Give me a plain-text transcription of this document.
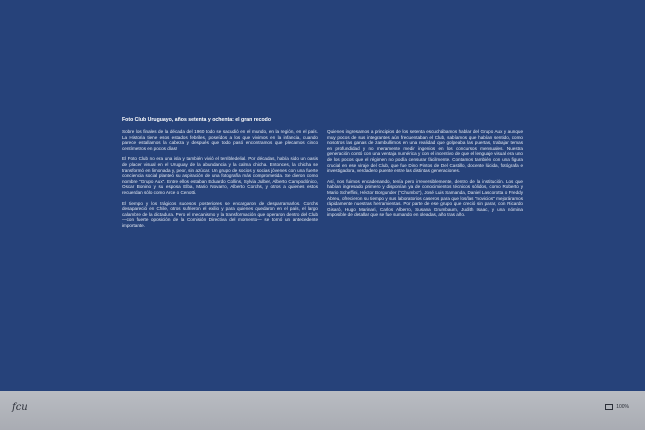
Foto Club Uruguayo, años setenta y ochenta: el gran recodo

Sobre los finales de la década del 1960 todo se sacudió en el mundo, en la región, en el país. La Historia tiene esos estados febriles, poseídos a los que vivimos en la infancia, cuando parece estallamos la cabeza y después que todo pasó encontramos que plecamos cinco centímetros en pocos días!

El Foto Club no era una isla y también vivió el terribledelial. Por décadas, había sido un oasis de placer visual en el Uruguay de la abundancia y la calma chicha. Entonces, la chicha se transformó en limonada y, peor, sin azúcar. Un grupo de socios y socias jóvenes con una fuerte conciencia social planteó su aspiración de una fotografía más comprometida. Se dieron como nombre "Grupo Aux". Entre ellos estaban Eduardo Collins, Sylvia Julber, Alberto Campodónico, Oscar Bonino y su esposa Elba, Mario Novarro, Alberto Corchs, y otros a quienes estos recuerdan sólo como Arce o Cenotti.

El tiempo y los trágicos sucesos posteriores se encargaron de desparramarlos. Corchs desapareció en Chile, otros sufrieron el exilio y para quienes quedaron en el país, el largo calambre de la dictadura. Pero el mecanismo y la transformación que operaron dentro del Club —con fuerte oposición de la Comisión Directiva del momento— se tornó un antecedente importante.

Quienes ingresamos a principios de los setenta escuchábamos hablar del Grupo Aux y aunque muy pocos de sus integrantes aún frecuentaban el Club, sabíamos que habían sentido, como nosotros las ganas de zambullirnos en una realidad que golpeaba las puertas, trabajar temas en profundidad y no meramente medir ingenios en los concursos mensuales. Nuestra generación contó con una ventaja numérica y con el incentivo de que el lenguaje visual era uno de los pocos que el régimen no podía censurar fácilmente. Contamos también con una figura crucial en ese viraje del Club, que fue Dino Pintos de Del Castillo, docente lúcida, fotógrafa e investigadora, verdadero puente entre las distintas generaciones.

Así, nos fuimos encadenando, tenía pero irreversiblemente, dentro de la institución. Los que habían ingresado primero y disponían ya de conocimientos técnicos sólidos, como Roberto y Mario Scheffini, Héctor Borgunder ("Chumbo"), José Luis Samanda, Daniel Lascorotta o Freddy Abreu, ofrecieron su tiempo y sus laboratorios caseros para que los/las "novicios" mejoráramos rápidamente nuestras herramientas. Por parte de ese grupo que creció sin parar, con Ricardo Gisaró, Hugo Marinari, Carlos Alberro, Susana Grumbaum, Judith Isaac, y una nómina imposible de detallar que se fue sumando en oleadas, año tras año.

fcu	100%
